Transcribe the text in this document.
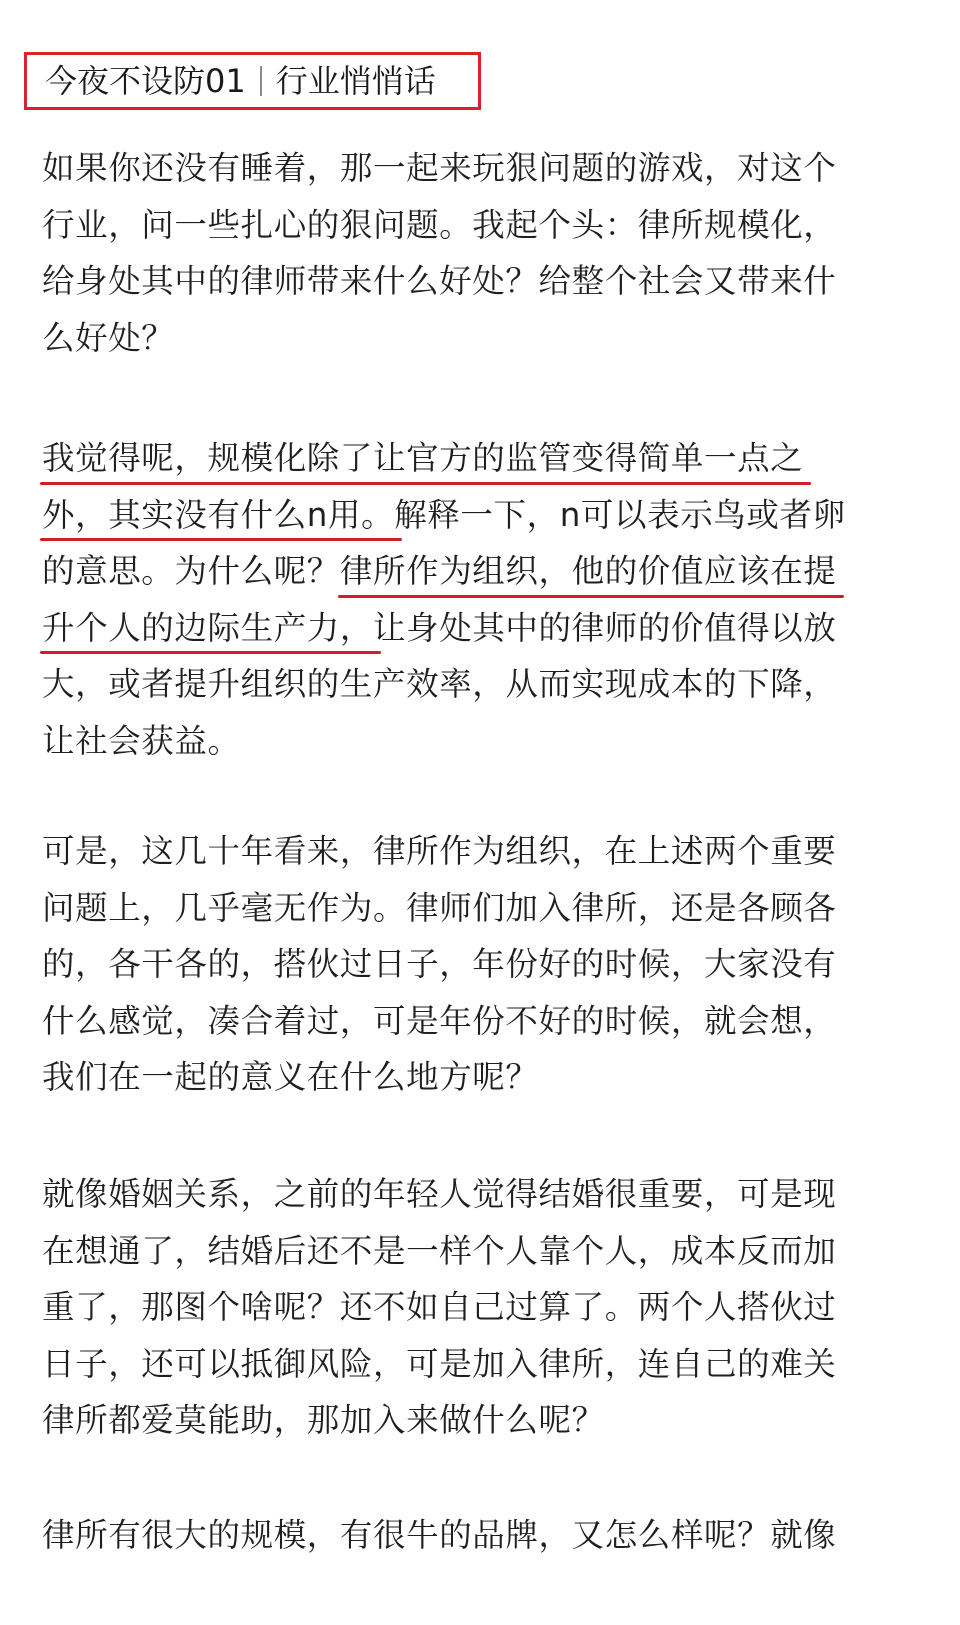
今夜不设防01 行业悄悄话
如果你还没有睡着，那一起来玩狠问题的游戏，对这个
行业，问一些扎心的狠问题。我起个头：律所规模化，
给身处其中的律师带来什么好处？给整个社会又带来什
么好处？
我觉得呢，规模化除了让官方的监管变得简单一点之
外，其实没有什么n用。解释一下，n可以表示鸟或者卵
的意思。为什么呢？律所作为组织，他的价值应该在提
升个人的边际生产力，让身处其中的律师的价值得以放
大，或者提升组织的生产效率，从而实现成本的下降，
让社会获益。
可是，这几十年看来，律所作为组织，在上述两个重要
问题上，几乎毫无作为。律师们加入律所，还是各顾各
的，各干各的，搭伙过日子，年份好的时候，大家没有
什么感觉，凑合着过，可是年份不好的时候，就会想，
我们在一起的意义在什么地方呢？
就像婚姻关系，之前的年轻人觉得结婚很重要，可是现
在想通了，结婚后还不是一样个人靠个人，成本反而加
重了，那图个啥呢？还不如自己过算了。两个人搭伙过
日子，还可以抵御风险，可是加入律所，连自己的难关
律所都爱莫能助，那加入来做什么呢？
律所有很大的规模，有很牛的品牌，又怎么样呢？就像
